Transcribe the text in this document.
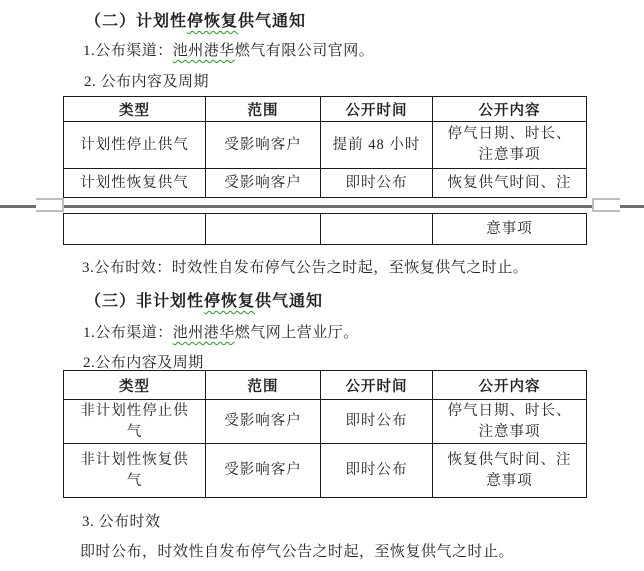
（二）计划性停恢复供气通知
1.公布渠道：池州港华燃气有限公司官网。
2. 公布内容及周期
类型	范围	公开时间	公开内容

计划性停止供气	受影响客户	提前 48 小时	停气日期、时长、
注意事项

计划性恢复供气	受影响客户	即时公布	恢复供气时间、注

意事项
3.公布时效：时效性自发布停气公告之时起，至恢复供气之时止。
（三）非计划性停恢复供气通知
1.公布渠道：池州港华燃气网上营业厅。
2.公布内容及周期
类型	范围	公开时间	公开内容

非计划性停止供
气	受影响客户	即时公布	停气日期、时长、
注意事项

非计划性恢复供
气	受影响客户	即时公布	恢复供气时间、注
意事项
3. 公布时效
即时公布，时效性自发布停气公告之时起，至恢复供气之时止。
